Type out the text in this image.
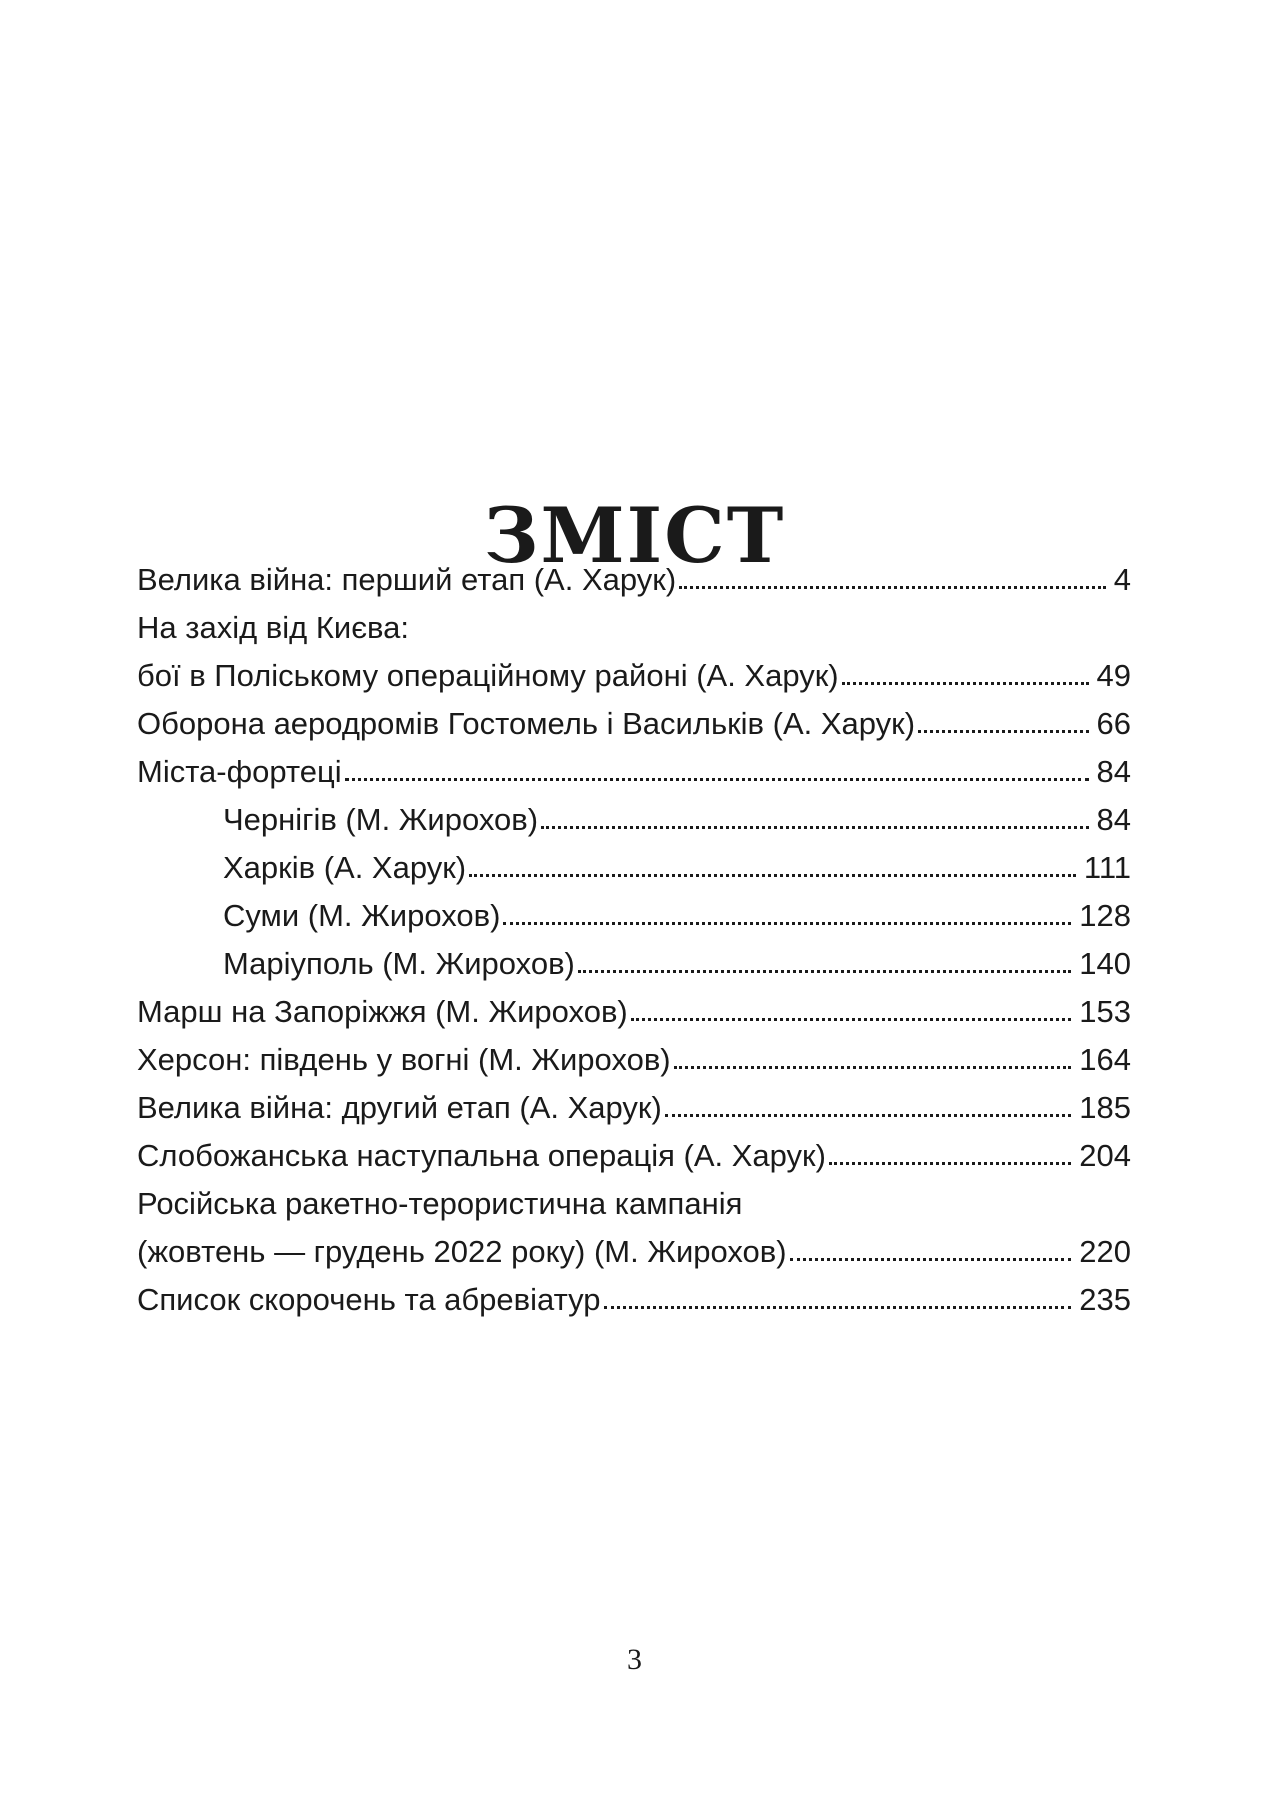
ЗМІСТ
Велика війна: перший етап (А. Харук)	4
На захід від Києва:
бої в Поліському операційному районі (А. Харук)	49
Оборона аеродромів Гостомель і Васильків (А. Харук)	66
Міста-фортеці	84
Чернігів (М. Жирохов)	84
Харків (А. Харук)	111
Суми (М. Жирохов)	128
Маріуполь (М. Жирохов)	140
Марш на Запоріжжя (М. Жирохов)	153
Херсон: південь у вогні (М. Жирохов)	164
Велика війна: другий етап (А. Харук)	185
Слобожанська наступальна операція (А. Харук)	204
Російська ракетно-терористична кампанія
(жовтень — грудень 2022 року) (М. Жирохов)	220
Список скорочень та абревіатур	235
3
